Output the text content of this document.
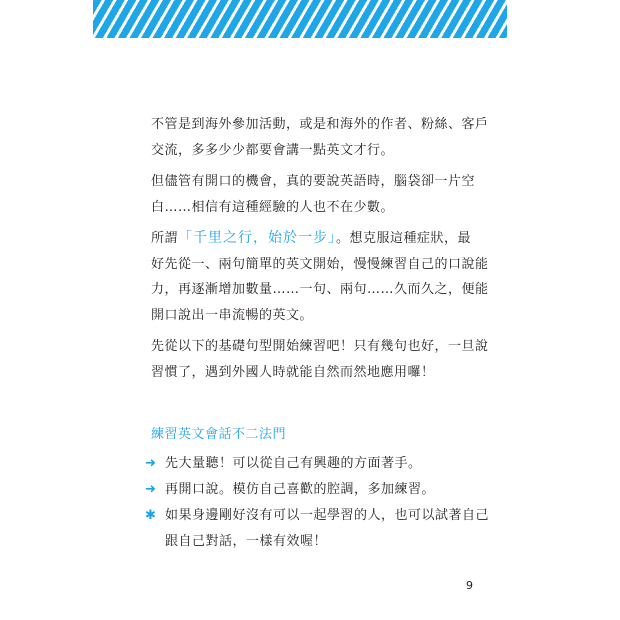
不管是到海外參加活動，或是和海外的作者、粉絲、客戶
交流，多多少少都要會講一點英文才行。

但儘管有開口的機會，真的要說英語時，腦袋卻一片空
白……相信有這種經驗的人也不在少數。

所謂「千里之行，始於一步」。想克服這種症狀，最
好先從一、兩句簡單的英文開始，慢慢練習自己的口說能
力，再逐漸增加數量……一句、兩句……久而久之，便能
開口說出一串流暢的英文。

先從以下的基礎句型開始練習吧！只有幾句也好，一旦說
習慣了，遇到外國人時就能自然而然地應用囉！

練習英文會話不二法門
➜ 先大量聽！可以從自己有興趣的方面著手。
➜ 再開口說。模仿自己喜歡的腔調，多加練習。
✱ 如果身邊剛好沒有可以一起學習的人，也可以試著自己
跟自己對話，一樣有效喔！
9
